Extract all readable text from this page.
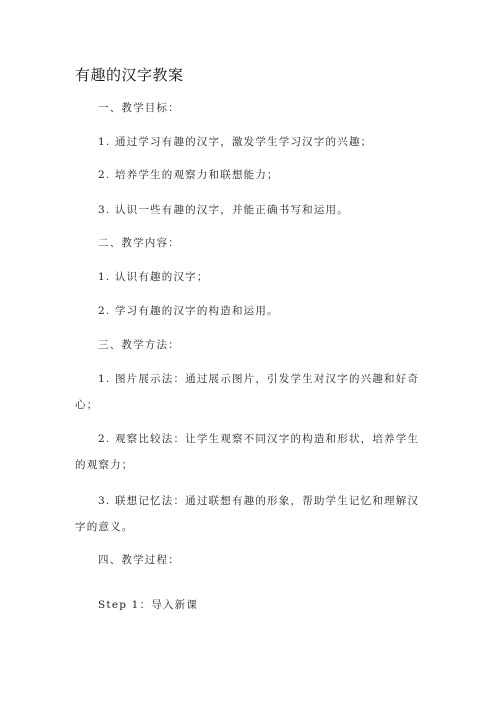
有趣的汉字教案

一、教学目标：

1. 通过学习有趣的汉字，激发学生学习汉字的兴趣；

2. 培养学生的观察力和联想能力；

3. 认识一些有趣的汉字，并能正确书写和运用。

二、教学内容：

1. 认识有趣的汉字；

2. 学习有趣的汉字的构造和运用。

三、教学方法：

1. 图片展示法：通过展示图片，引发学生对汉字的兴趣和好奇心；

2. 观察比较法：让学生观察不同汉字的构造和形状，培养学生的观察力；

3. 联想记忆法：通过联想有趣的形象，帮助学生记忆和理解汉字的意义。

四、教学过程：

Step 1：导入新课
